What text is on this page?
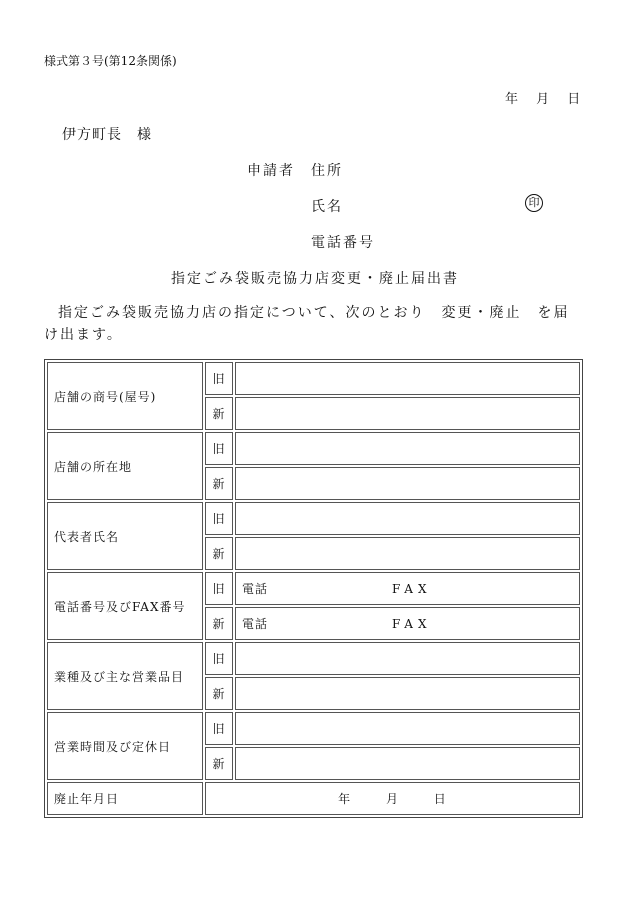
様式第３号(第12条関係)
年 月 日
伊方町長　様
申請者 住所
氏名	印
電話番号
指定ごみ袋販売協力店変更・廃止届出書
指定ごみ袋販売協力店の指定について、次のとおり　変更・廃止　を届け出ます。
店舗の商号(屋号)	旧	
	新	
店舗の所在地	旧	
	新	
代表者氏名	旧	
	新	
電話番号及びFAX番号	旧	電話 FAX
	新	電話 FAX
業種及び主な営業品目	旧	
	新	
営業時間及び定休日	旧	
	新	
廃止年月日	年 月 日	
